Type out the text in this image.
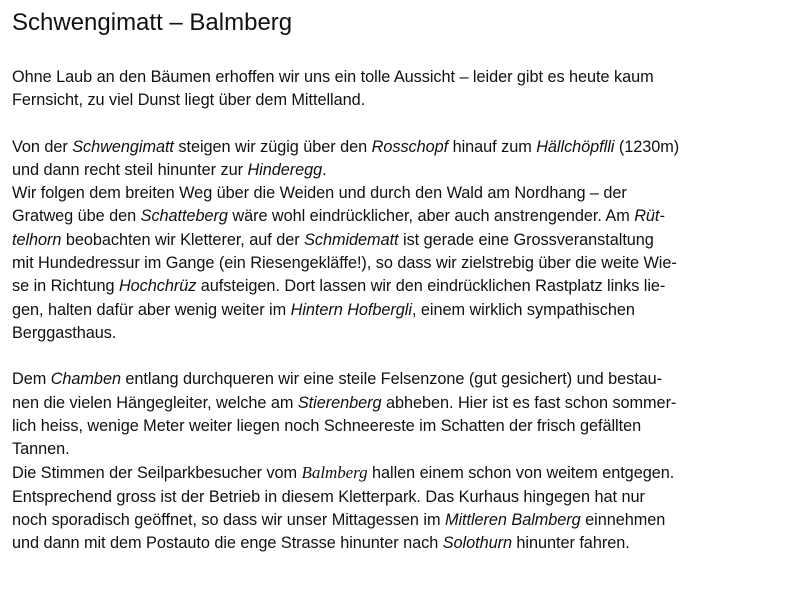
Schwengimatt – Balmberg
Ohne Laub an den Bäumen erhoffen wir uns ein tolle Aussicht – leider gibt es heute kaum
Fernsicht, zu viel Dunst liegt über dem Mittelland.
Von der Schwengimatt steigen wir zügig über den Rosschopf hinauf zum Hällchöpflli (1230m)
und dann recht steil hinunter zur Hinderegg.
Wir folgen dem breiten Weg über die Weiden und durch den Wald am Nordhang – der
Gratweg übe den Schatteberg wäre wohl eindrücklicher, aber auch anstrengender. Am Rüt-
telhorn beobachten wir Kletterer, auf der Schmidematt ist gerade eine Grossveranstaltung
mit Hundedressur im Gange (ein Riesengekläffe!), so dass wir zielstrebig über die weite Wie-
se in Richtung Hochchrüz aufsteigen. Dort lassen wir den eindrücklichen Rastplatz links lie-
gen, halten dafür aber wenig weiter im Hintern Hofbergli, einem wirklich sympathischen
Berggasthaus.
Dem Chamben entlang durchqueren wir eine steile Felsenzone (gut gesichert) und bestau-
nen die vielen Hängegleiter, welche am Stierenberg abheben. Hier ist es fast schon sommer-
lich heiss, wenige Meter weiter liegen noch Schneereste im Schatten der frisch gefällten
Tannen.
Die Stimmen der Seilparkbesucher vom Balmberg hallen einem schon von weitem entgegen.
Entsprechend gross ist der Betrieb in diesem Kletterpark. Das Kurhaus hingegen hat nur
noch sporadisch geöffnet, so dass wir unser Mittagessen im Mittleren Balmberg einnehmen
und dann mit dem Postauto die enge Strasse hinunter nach Solothurn hinunter fahren.
